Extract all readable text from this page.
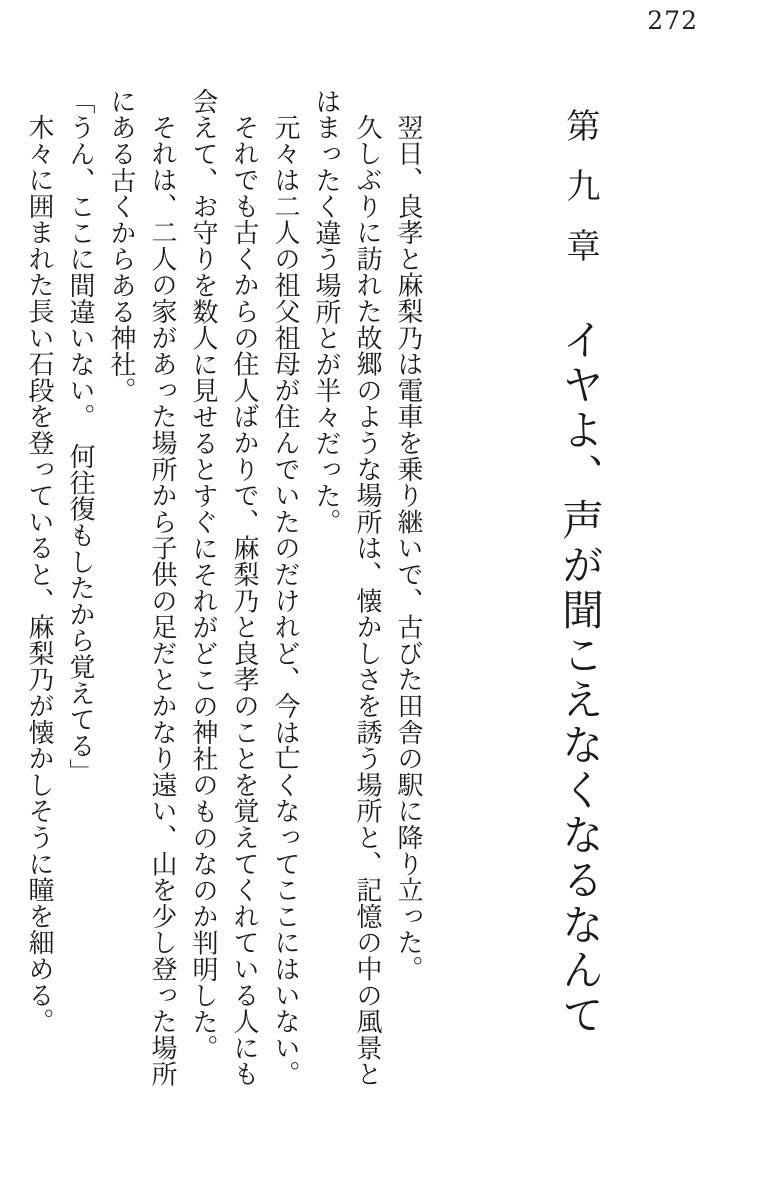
272
第九章 イヤよ、声が聞こえなくなるなんて

翌日、良孝と麻梨乃は電車を乗り継いで、古びた田舎の駅に降り立った。

久しぶりに訪れた故郷のような場所は、懐かしさを誘う場所と、記憶の中の風景とはまったく違う場所とが半々だった。

元々は二人の祖父祖母が住んでいたのだけれど、今は亡くなってここにはいない。

それでも古くからの住人ばかりで、麻梨乃と良孝のことを覚えてくれている人にも会えて、お守りを数人に見せるとすぐにそれがどこの神社のものなのか判明した。

それは、二人の家があった場所から子供の足だとかなり遠い、山を少し登った場所にある古くからある神社。

「うん、ここに間違いない。　何往復もしたから覚えてる」

木々に囲まれた長い石段を登っていると、麻梨乃が懐かしそうに瞳を細める。
